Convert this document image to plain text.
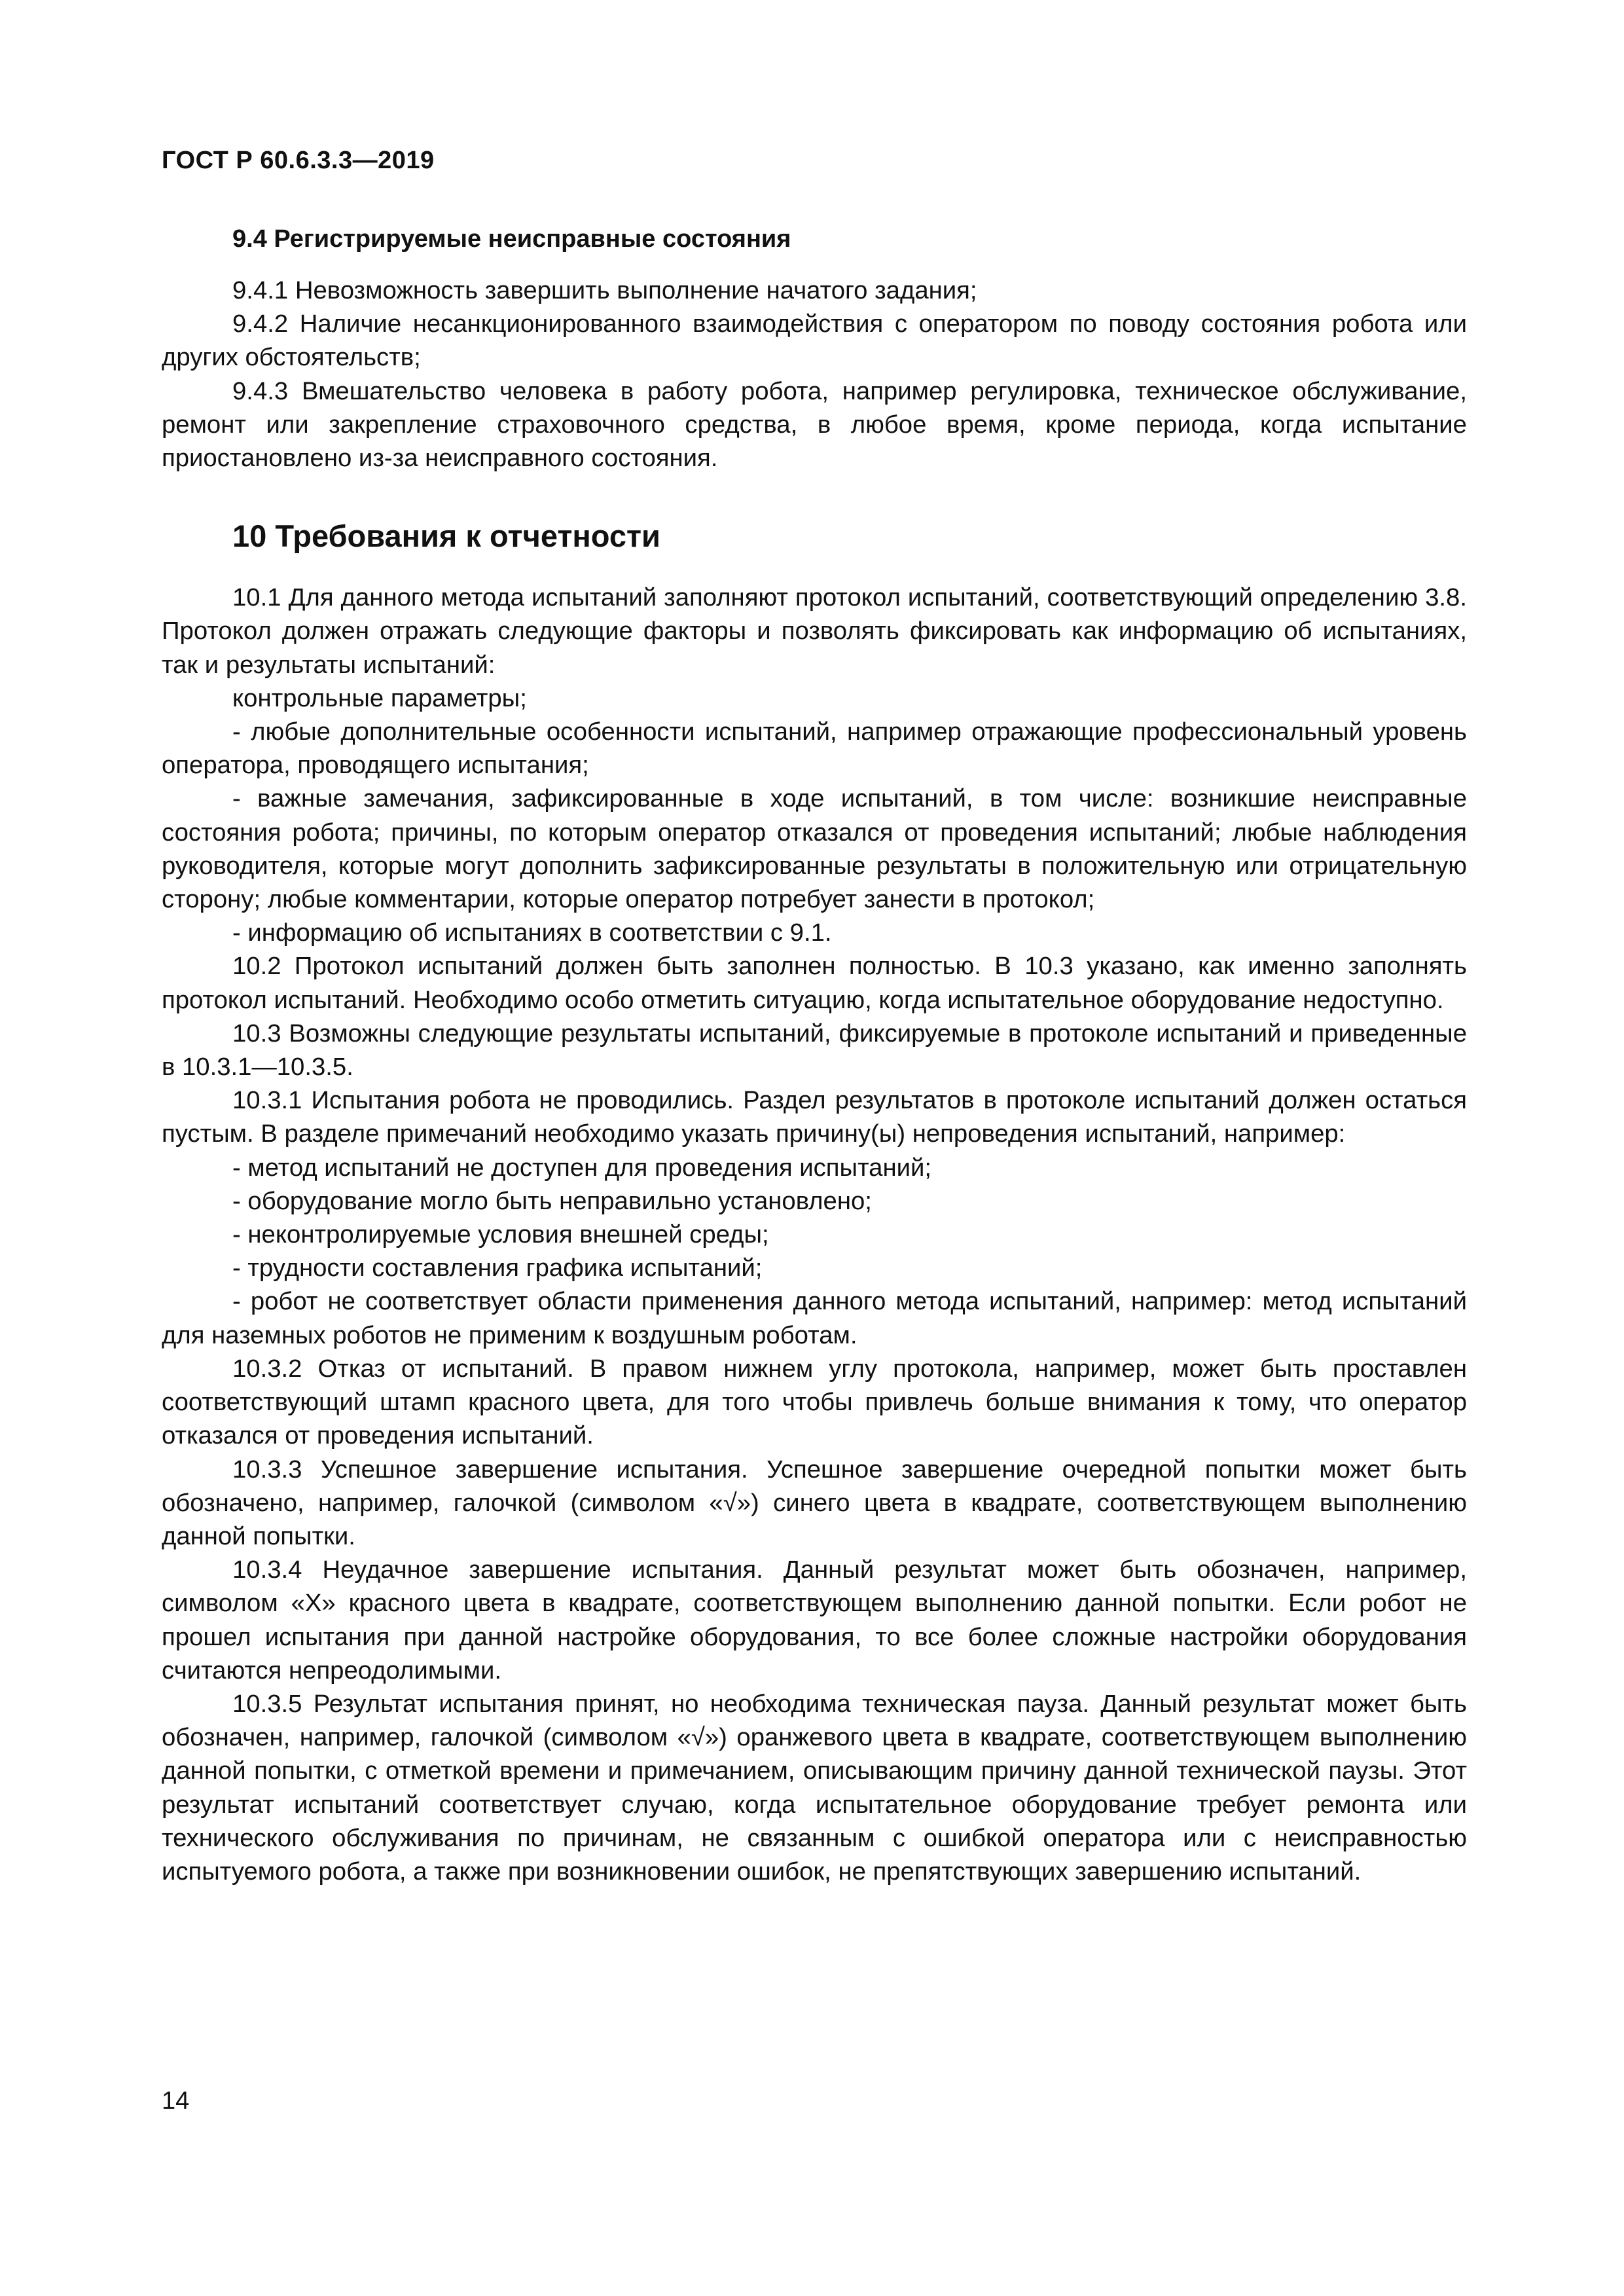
ГОСТ Р 60.6.3.3—2019
9.4 Регистрируемые неисправные состояния

9.4.1 Невозможность завершить выполнение начатого задания;

9.4.2 Наличие несанкционированного взаимодействия с оператором по поводу состояния робота или других обстоятельств;

9.4.3 Вмешательство человека в работу робота, например регулировка, техническое обслуживание, ремонт или закрепление страховочного средства, в любое время, кроме периода, когда испытание приостановлено из-за неисправного состояния.

10 Требования к отчетности

10.1 Для данного метода испытаний заполняют протокол испытаний, соответствующий определению 3.8. Протокол должен отражать следующие факторы и позволять фиксировать как информацию об испытаниях, так и результаты испытаний:

контрольные параметры;

- любые дополнительные особенности испытаний, например отражающие профессиональный уровень оператора, проводящего испытания;

- важные замечания, зафиксированные в ходе испытаний, в том числе: возникшие неисправные состояния робота; причины, по которым оператор отказался от проведения испытаний; любые наблюдения руководителя, которые могут дополнить зафиксированные результаты в положительную или отрицательную сторону; любые комментарии, которые оператор потребует занести в протокол;

- информацию об испытаниях в соответствии с 9.1.

10.2 Протокол испытаний должен быть заполнен полностью. В 10.3 указано, как именно заполнять протокол испытаний. Необходимо особо отметить ситуацию, когда испытательное оборудование недоступно.

10.3 Возможны следующие результаты испытаний, фиксируемые в протоколе испытаний и приведенные в 10.3.1—10.3.5.

10.3.1 Испытания робота не проводились. Раздел результатов в протоколе испытаний должен остаться пустым. В разделе примечаний необходимо указать причину(ы) непроведения испытаний, например:

- метод испытаний не доступен для проведения испытаний;

- оборудование могло быть неправильно установлено;

- неконтролируемые условия внешней среды;

- трудности составления графика испытаний;

- робот не соответствует области применения данного метода испытаний, например: метод испытаний для наземных роботов не применим к воздушным роботам.

10.3.2 Отказ от испытаний. В правом нижнем углу протокола, например, может быть проставлен соответствующий штамп красного цвета, для того чтобы привлечь больше внимания к тому, что оператор отказался от проведения испытаний.

10.3.3 Успешное завершение испытания. Успешное завершение очередной попытки может быть обозначено, например, галочкой (символом «√») синего цвета в квадрате, соответствующем выполнению данной попытки.

10.3.4 Неудачное завершение испытания. Данный результат может быть обозначен, например, символом «X» красного цвета в квадрате, соответствующем выполнению данной попытки. Если робот не прошел испытания при данной настройке оборудования, то все более сложные настройки оборудования считаются непреодолимыми.

10.3.5 Результат испытания принят, но необходима техническая пауза. Данный результат может быть обозначен, например, галочкой (символом «√») оранжевого цвета в квадрате, соответствующем выполнению данной попытки, с отметкой времени и примечанием, описывающим причину данной технической паузы. Этот результат испытаний соответствует случаю, когда испытательное оборудование требует ремонта или технического обслуживания по причинам, не связанным с ошибкой оператора или с неисправностью испытуемого робота, а также при возникновении ошибок, не препятствующих завершению испытаний.

14
